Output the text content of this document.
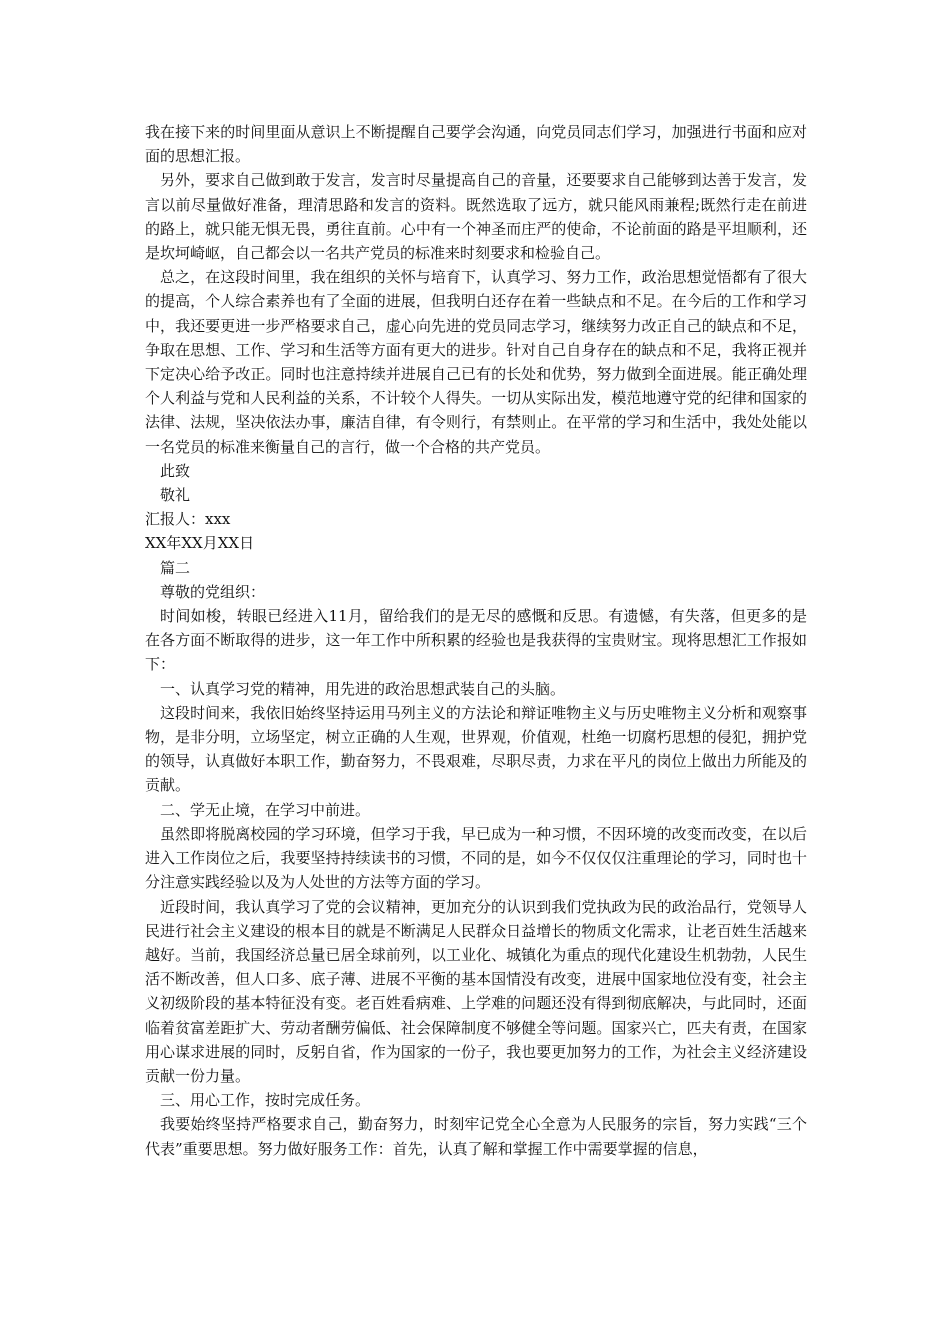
我在接下来的时间里面从意识上不断提醒自己要学会沟通，向党员同志们学习，加强进行书面和应对面的思想汇报。

另外，要求自己做到敢于发言，发言时尽量提高自己的音量，还要要求自己能够到达善于发言，发言以前尽量做好准备，理清思路和发言的资料。既然选取了远方，就只能风雨兼程;既然行走在前进的路上，就只能无惧无畏，勇往直前。心中有一个神圣而庄严的使命，不论前面的路是平坦顺利，还是坎坷崎岖，自己都会以一名共产党员的标准来时刻要求和检验自己。

总之，在这段时间里，我在组织的关怀与培育下，认真学习、努力工作，政治思想觉悟都有了很大的提高，个人综合素养也有了全面的进展，但我明白还存在着一些缺点和不足。在今后的工作和学习中，我还要更进一步严格要求自己，虚心向先进的党员同志学习，继续努力改正自己的缺点和不足，争取在思想、工作、学习和生活等方面有更大的进步。针对自己自身存在的缺点和不足，我将正视并下定决心给予改正。同时也注意持续并进展自己已有的长处和优势，努力做到全面进展。能正确处理个人利益与党和人民利益的关系，不计较个人得失。一切从实际出发，模范地遵守党的纪律和国家的法律、法规，坚决依法办事，廉洁自律，有令则行，有禁则止。在平常的学习和生活中，我处处能以一名党员的标准来衡量自己的言行，做一个合格的共产党员。

此致

敬礼

汇报人：xxx

XX年XX月XX日

篇二

尊敬的党组织：

时间如梭，转眼已经进入11月，留给我们的是无尽的感慨和反思。有遗憾，有失落，但更多的是在各方面不断取得的进步，这一年工作中所积累的经验也是我获得的宝贵财宝。现将思想汇工作报如下：

一、认真学习党的精神，用先进的政治思想武装自己的头脑。

这段时间来，我依旧始终坚持运用马列主义的方法论和辩证唯物主义与历史唯物主义分析和观察事物，是非分明，立场坚定，树立正确的人生观，世界观，价值观，杜绝一切腐朽思想的侵犯，拥护党的领导，认真做好本职工作，勤奋努力，不畏艰难，尽职尽责，力求在平凡的岗位上做出力所能及的贡献。

二、学无止境，在学习中前进。

虽然即将脱离校园的学习环境，但学习于我，早已成为一种习惯，不因环境的改变而改变，在以后进入工作岗位之后，我要坚持持续读书的习惯，不同的是，如今不仅仅仅注重理论的学习，同时也十分注意实践经验以及为人处世的方法等方面的学习。

近段时间，我认真学习了党的会议精神，更加充分的认识到我们党执政为民的政治品行，党领导人民进行社会主义建设的根本目的就是不断满足人民群众日益增长的物质文化需求，让老百姓生活越来越好。当前，我国经济总量已居全球前列，以工业化、城镇化为重点的现代化建设生机勃勃，人民生活不断改善，但人口多、底子薄、进展不平衡的基本国情没有改变，进展中国家地位没有变，社会主义初级阶段的基本特征没有变。老百姓看病难、上学难的问题还没有得到彻底解决，与此同时，还面临着贫富差距扩大、劳动者酬劳偏低、社会保障制度不够健全等问题。国家兴亡，匹夫有责，在国家用心谋求进展的同时，反躬自省，作为国家的一份子，我也要更加努力的工作，为社会主义经济建设贡献一份力量。

三、用心工作，按时完成任务。

我要始终坚持严格要求自己，勤奋努力，时刻牢记党全心全意为人民服务的宗旨，努力实践“三个代表”重要思想。努力做好服务工作：首先，认真了解和掌握工作中需要掌握的信息，
